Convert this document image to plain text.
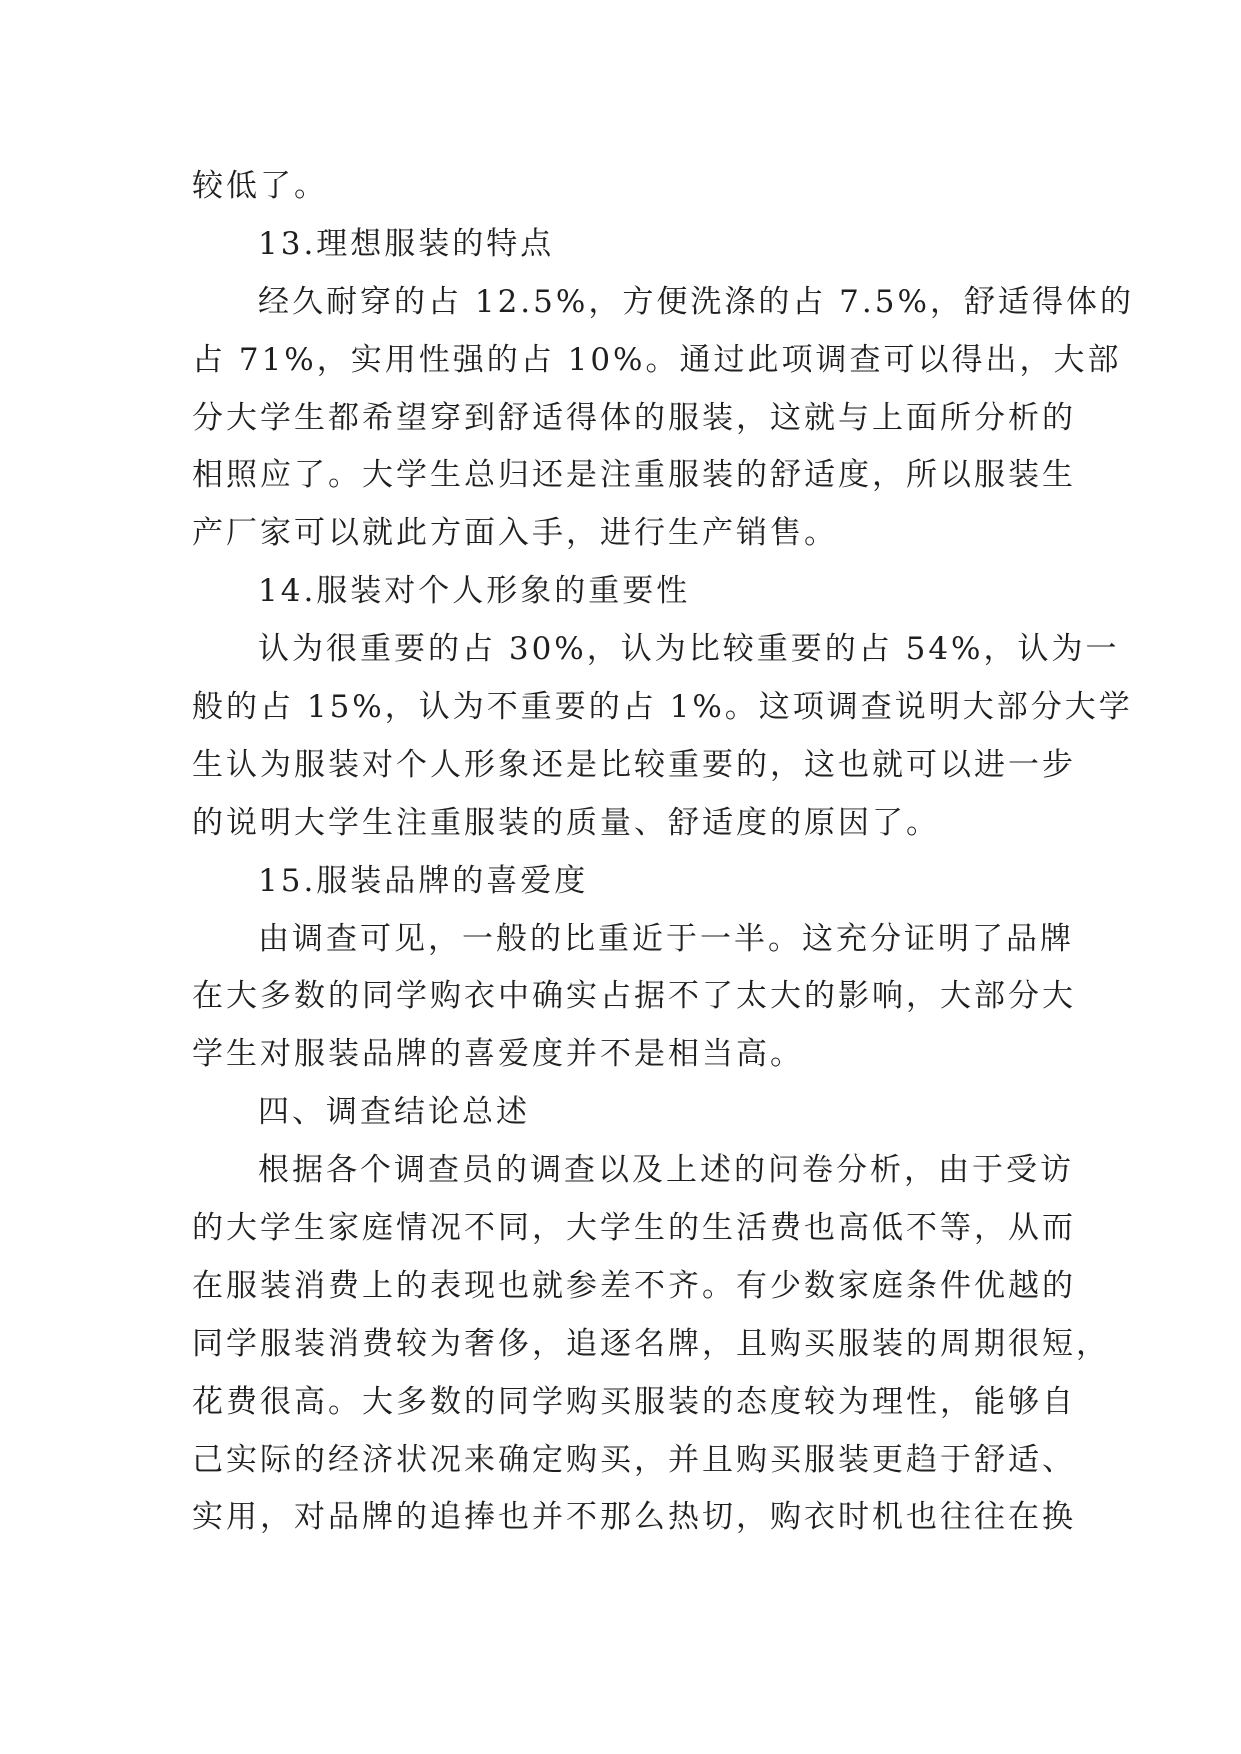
较低了。

13.理想服装的特点

经久耐穿的占 12.5%，方便洗涤的占 7.5%，舒适得体的

占 71%，实用性强的占 10%。通过此项调查可以得出，大部

分大学生都希望穿到舒适得体的服装，这就与上面所分析的

相照应了。大学生总归还是注重服装的舒适度，所以服装生

产厂家可以就此方面入手，进行生产销售。

14.服装对个人形象的重要性

认为很重要的占 30%，认为比较重要的占 54%，认为一

般的占 15%，认为不重要的占 1%。这项调查说明大部分大学

生认为服装对个人形象还是比较重要的，这也就可以进一步

的说明大学生注重服装的质量、舒适度的原因了。

15.服装品牌的喜爱度

由调查可见，一般的比重近于一半。这充分证明了品牌

在大多数的同学购衣中确实占据不了太大的影响，大部分大

学生对服装品牌的喜爱度并不是相当高。

四、调查结论总述

根据各个调查员的调查以及上述的问卷分析，由于受访

的大学生家庭情况不同，大学生的生活费也高低不等，从而

在服装消费上的表现也就参差不齐。有少数家庭条件优越的

同学服装消费较为奢侈，追逐名牌，且购买服装的周期很短，

花费很高。大多数的同学购买服装的态度较为理性，能够自

己实际的经济状况来确定购买，并且购买服装更趋于舒适、

实用，对品牌的追捧也并不那么热切，购衣时机也往往在换
